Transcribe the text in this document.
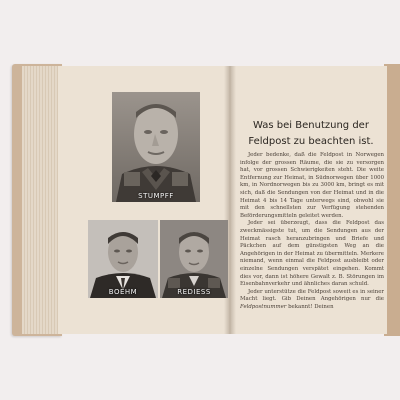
STUMPFF
BOEHM	REDIESS
Was bei Benutzung der Feldpost zu beachten ist.

Jeder bedenke, daß die Feldpost in Norwegen infolge der grossen Räume, die sie zu versorgen hat, vor grossen Schwierigkeiten steht. Die weite Entfernung zur Heimat, in Südnorwegen über 1000 km, in Nordnorwegen bis zu 3000 km, bringt es mit sich, daß die Sendungen von der Heimat und in die Heimat 4 bis 14 Tage unterwegs sind, obwohl sie mit den schnellsten zur Verfügung stehenden Beförderungsmitteln geleitet werden.

Jeder sei überzeugt, dass die Feldpost das zweckmässigste tut, um die Sendungen aus der Heimat rasch heranzubringen und Briefe und Päckchen auf dem günstigsten Weg an die Angehörigen in der Heimat zu übermitteln. Merkere niemand, wenn einmal die Feldpost ausbleibt oder einzelne Sendungen verspätet eingehen. Kommt dies vor, dann ist höhere Gewalt z. B. Störungen im Eisenbahnverkehr und ähnliches daran schuld.

Jeder unterstütze die Feldpost soweit es in seiner Macht liegt. Gib Deinen Angehörigen nur die Feldpostnummer bekannt! Deinen
